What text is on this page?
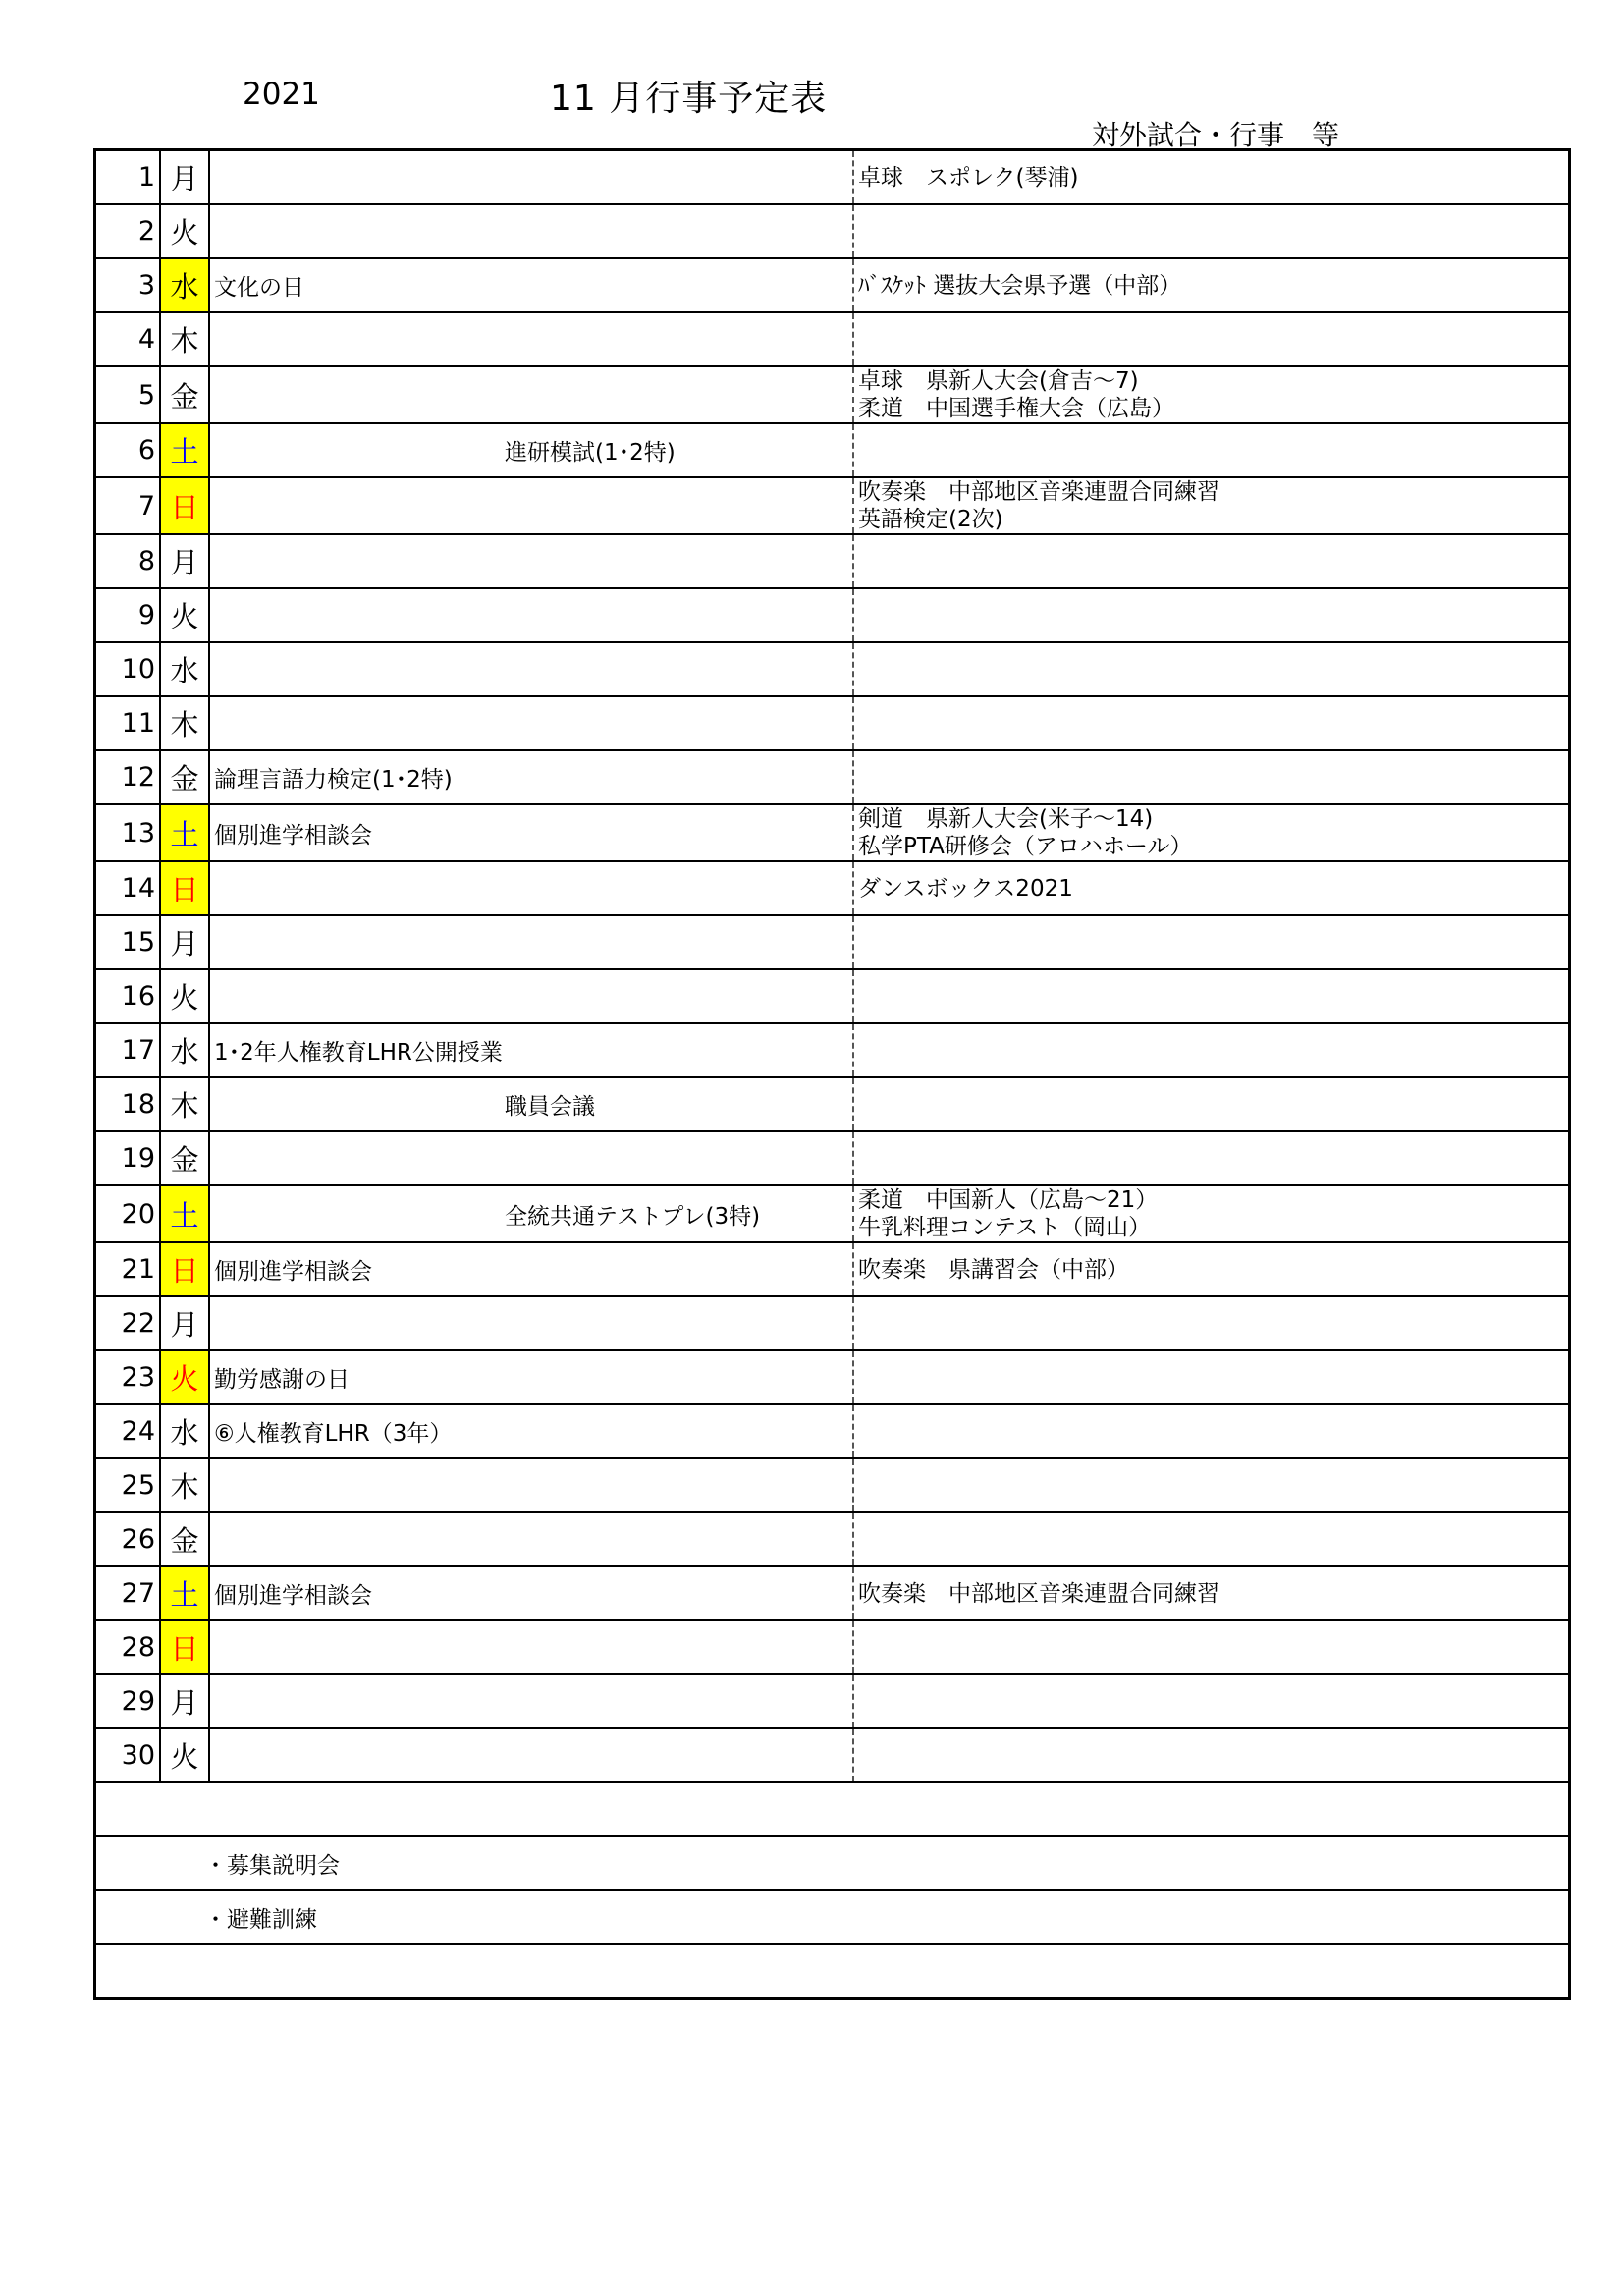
2021	11 月行事予定表
対外試合・行事　等
1	月		卓球　スポレク(琴浦)

2	火		
3	水	文化の日	ﾊﾞｽｹｯﾄ 選抜大会県予選（中部）

4	木		
5	金		卓球　県新人大会(倉吉～7)
柔道　中国選手権大会（広島）

6	土	進研模試(1･2特)	
7	日		吹奏楽　中部地区音楽連盟合同練習
英語検定(2次)

8	月		
9	火		
10	水		
11	木		
12	金	論理言語力検定(1･2特)	
13	土	個別進学相談会	剣道　県新人大会(米子～14)
私学PTA研修会（アロハホール）

14	日		ダンスボックス2021

15	月		
16	火		
17	水	1･2年人権教育LHR公開授業	
18	木	職員会議	
19	金		
20	土	全統共通テストプレ(3特)	柔道　中国新人（広島～21）
牛乳料理コンテスト（岡山）

21	日	個別進学相談会	吹奏楽　県講習会（中部）

22	月		
23	火	勤労感謝の日	
24	水	⑥人権教育LHR（3年）	
25	木		
26	金		
27	土	個別進学相談会	吹奏楽　中部地区音楽連盟合同練習

28	日		
29	月		
30	火		

・募集説明会			
・避難訓練			
